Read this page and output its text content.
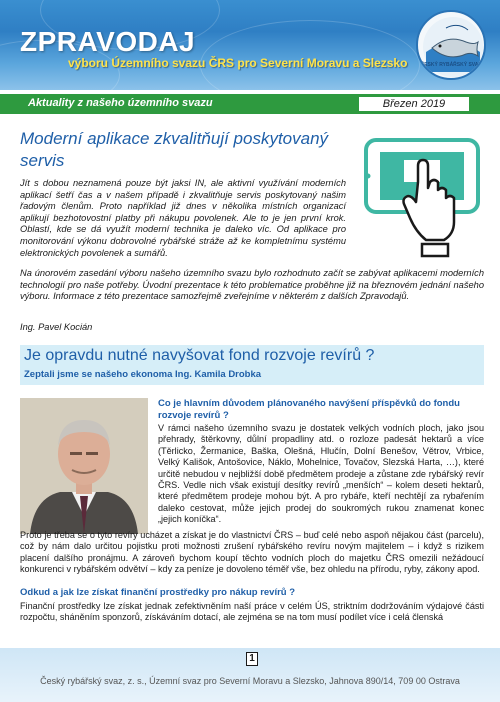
ZPRAVODAJ
výboru Územního svazu ČRS pro Severní Moravu a Slezsko	ČESKÝ RYBÁŘSKÝ SVAZ
Aktuality z našeho územního svazu	Březen 2019
Moderní aplikace zkvalitňují poskytovaný servis
Jít s dobou neznamená pouze být jaksi IN, ale aktivní využívání moderních aplikací šetří čas a v našem případě i zkvalitňuje servis poskytovaný našim řadovým členům. Proto například již dnes v několika místních organizací aplikují bezhotovostní platby při nákupu povolenek. Ale to je jen první krok. Oblastí, kde se dá využít moderní technika je daleko víc. Od aplikace pro monitorování výkonu dobrovolné rybářské stráže až ke kompletnímu systému elektronických povolenek a sumářů.
Na únorovém zasedání výboru našeho územního svazu bylo rozhodnuto začít se zabývat aplikacemi moderních technologií pro naše potřeby. Úvodní prezentace k této problematice proběhne již na březnovém jednání našeho výboru. Informace z této prezentace samozřejmě zveřejníme v některém z dalších Zpravodajů.
Ing. Pavel Kocián
Je opravdu nutné navyšovat fond rozvoje revírů ?
Zeptali jsme se našeho ekonoma Ing. Kamila Drobka
Co je hlavním důvodem plánovaného navýšení příspěvků do fondu rozvoje revírů ?
V rámci našeho územního svazu je dostatek velkých vodních ploch, jako jsou přehrady, štěrkovny, důlní propadliny atd. o rozloze padesát hektarů a více (Těrlicko, Žermanice, Baška, Olešná, Hlučín, Dolní Benešov, Větrov, Vrbice, Velký Kališok, Antošovice, Náklo, Mohelnice, Tovačov, Slezská Harta, …), které určitě nebudou v nejbližší době předmětem prodeje a zůstane zde rybářský revír ČRS. Vedle nich však existují desítky revírů „menších“ – kolem deseti hektarů, které předmětem prodeje mohou být. A pro rybáře, kteří nechtějí za rybařením daleko cestovat, může jejich prodej do soukromých rukou znamenat konec „jejich koníčka“.
Proto je třeba se o tyto revíry ucházet a získat je do vlastnictví ČRS – buď celé nebo aspoň nějakou část (parcelu), což by nám dalo určitou pojistku proti možnosti zrušení rybářského revíru novým majitelem – i když s rizikem placení dalšího pronájmu. A zároveň bychom koupí těchto vodních ploch do majetku ČRS omezili nežádoucí konkurenci v rybářském odvětví – kdy za peníze je dovoleno téměř vše, bez ohledu na přírodu, ryby, zákony apod.
Odkud a jak lze získat finanční prostředky pro nákup revírů ?
Finanční prostředky lze získat jednak zefektivněním naší práce v celém ÚS, striktním dodržováním výdajové části rozpočtu, sháněním sponzorů, získáváním dotací, ale zejména se na tom musí podílet více i celá členská
1
Český rybářský svaz, z. s., Územní svaz pro Severní Moravu a Slezsko, Jahnova 890/14, 709 00 Ostrava
